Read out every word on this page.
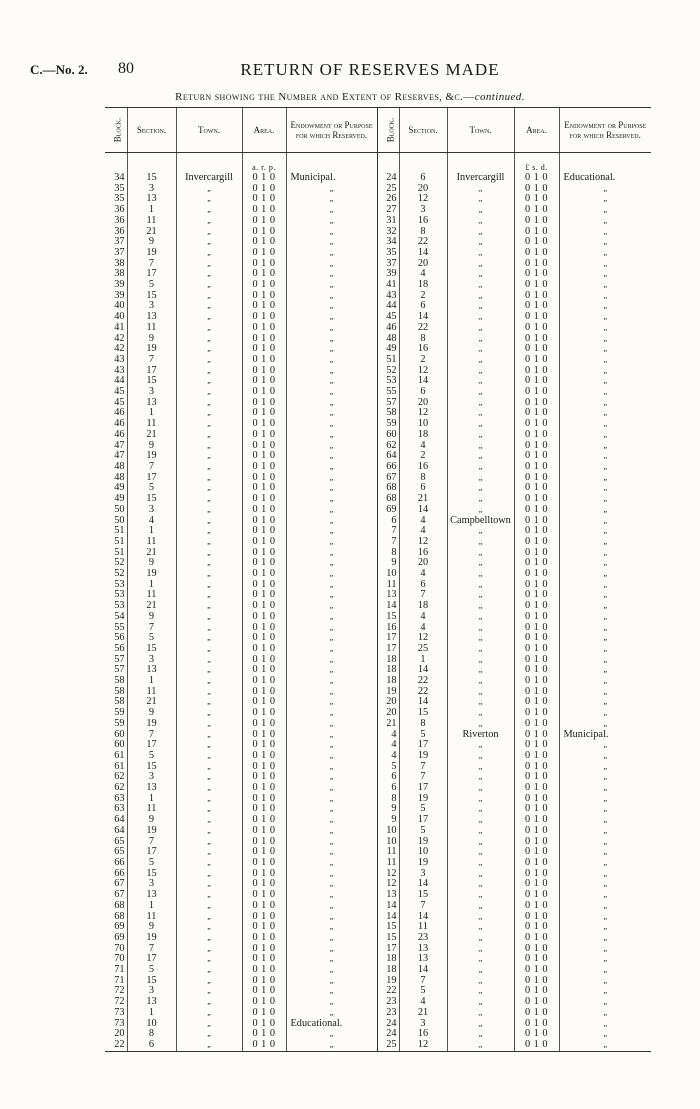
C.—No. 2. 80	RETURN OF RESERVES MADE
Return showing the Number and Extent of Reserves, &c.—continued.
Block.	Section.	Town.	Area.	Endowment or Purpose for which Reserved.	Block.	Section.	Town.	Area.	Endowment or Purpose for which Reserved.
			a. r. p.					£ s. d.	
34	15	Invercargill	0 1 0	Municipal.	24	6	Invercargill	0 1 0	Educational.
35	3	„	0 1 0	„	25	20	„	0 1 0	„
35	13	„	0 1 0	„	26	12	„	0 1 0	„
36	1	„	0 1 0	„	27	3	„	0 1 0	„
36	11	„	0 1 0	„	31	16	„	0 1 0	„
36	21	„	0 1 0	„	32	8	„	0 1 0	„
37	9	„	0 1 0	„	34	22	„	0 1 0	„
37	19	„	0 1 0	„	35	14	„	0 1 0	„
38	7	„	0 1 0	„	37	20	„	0 1 0	„
38	17	„	0 1 0	„	39	4	„	0 1 0	„
39	5	„	0 1 0	„	41	18	„	0 1 0	„
39	15	„	0 1 0	„	43	2	„	0 1 0	„
40	3	„	0 1 0	„	44	6	„	0 1 0	„
40	13	„	0 1 0	„	45	14	„	0 1 0	„
41	11	„	0 1 0	„	46	22	„	0 1 0	„
42	9	„	0 1 0	„	48	8	„	0 1 0	„
42	19	„	0 1 0	„	49	16	„	0 1 0	„
43	7	„	0 1 0	„	51	2	„	0 1 0	„
43	17	„	0 1 0	„	52	12	„	0 1 0	„
44	15	„	0 1 0	„	53	14	„	0 1 0	„
45	3	„	0 1 0	„	55	6	„	0 1 0	„
45	13	„	0 1 0	„	57	20	„	0 1 0	„
46	1	„	0 1 0	„	58	12	„	0 1 0	„
46	11	„	0 1 0	„	59	10	„	0 1 0	„
46	21	„	0 1 0	„	60	18	„	0 1 0	„
47	9	„	0 1 0	„	62	4	„	0 1 0	„
47	19	„	0 1 0	„	64	2	„	0 1 0	„
48	7	„	0 1 0	„	66	16	„	0 1 0	„
48	17	„	0 1 0	„	67	8	„	0 1 0	„
49	5	„	0 1 0	„	68	6	„	0 1 0	„
49	15	„	0 1 0	„	68	21	„	0 1 0	„
50	3	„	0 1 0	„	69	14	„	0 1 0	„
50	4	„	0 1 0	„	6	4	Campbelltown	0 1 0	„
51	1	„	0 1 0	„	7	4	„	0 1 0	„
51	11	„	0 1 0	„	7	12	„	0 1 0	„
51	21	„	0 1 0	„	8	16	„	0 1 0	„
52	9	„	0 1 0	„	9	20	„	0 1 0	„
52	19	„	0 1 0	„	10	4	„	0 1 0	„
53	1	„	0 1 0	„	11	6	„	0 1 0	„
53	11	„	0 1 0	„	13	7	„	0 1 0	„
53	21	„	0 1 0	„	14	18	„	0 1 0	„
54	9	„	0 1 0	„	15	4	„	0 1 0	„
55	7	„	0 1 0	„	16	4	„	0 1 0	„
56	5	„	0 1 0	„	17	12	„	0 1 0	„
56	15	„	0 1 0	„	17	25	„	0 1 0	„
57	3	„	0 1 0	„	18	1	„	0 1 0	„
57	13	„	0 1 0	„	18	14	„	0 1 0	„
58	1	„	0 1 0	„	18	22	„	0 1 0	„
58	11	„	0 1 0	„	19	22	„	0 1 0	„
58	21	„	0 1 0	„	20	14	„	0 1 0	„
59	9	„	0 1 0	„	20	15	„	0 1 0	„
59	19	„	0 1 0	„	21	8	„	0 1 0	„
60	7	„	0 1 0	„	4	5	Riverton	0 1 0	Municipal.
60	17	„	0 1 0	„	4	17	„	0 1 0	„
61	5	„	0 1 0	„	4	19	„	0 1 0	„
61	15	„	0 1 0	„	5	7	„	0 1 0	„
62	3	„	0 1 0	„	6	7	„	0 1 0	„
62	13	„	0 1 0	„	6	17	„	0 1 0	„
63	1	„	0 1 0	„	8	19	„	0 1 0	„
63	11	„	0 1 0	„	9	5	„	0 1 0	„
64	9	„	0 1 0	„	9	17	„	0 1 0	„
64	19	„	0 1 0	„	10	5	„	0 1 0	„
65	7	„	0 1 0	„	10	19	„	0 1 0	„
65	17	„	0 1 0	„	11	10	„	0 1 0	„
66	5	„	0 1 0	„	11	19	„	0 1 0	„
66	15	„	0 1 0	„	12	3	„	0 1 0	„
67	3	„	0 1 0	„	12	14	„	0 1 0	„
67	13	„	0 1 0	„	13	15	„	0 1 0	„
68	1	„	0 1 0	„	14	7	„	0 1 0	„
68	11	„	0 1 0	„	14	14	„	0 1 0	„
69	9	„	0 1 0	„	15	11	„	0 1 0	„
69	19	„	0 1 0	„	15	23	„	0 1 0	„
70	7	„	0 1 0	„	17	13	„	0 1 0	„
70	17	„	0 1 0	„	18	13	„	0 1 0	„
71	5	„	0 1 0	„	18	14	„	0 1 0	„
71	15	„	0 1 0	„	19	7	„	0 1 0	„
72	3	„	0 1 0	„	22	5	„	0 1 0	„
72	13	„	0 1 0	„	23	4	„	0 1 0	„
73	1	„	0 1 0	„	23	21	„	0 1 0	„
73	10	„	0 1 0	Educational.	24	3	„	0 1 0	„
20	8	„	0 1 0	„	24	16	„	0 1 0	„
22	6	„	0 1 0	„	25	12	„	0 1 0	„
